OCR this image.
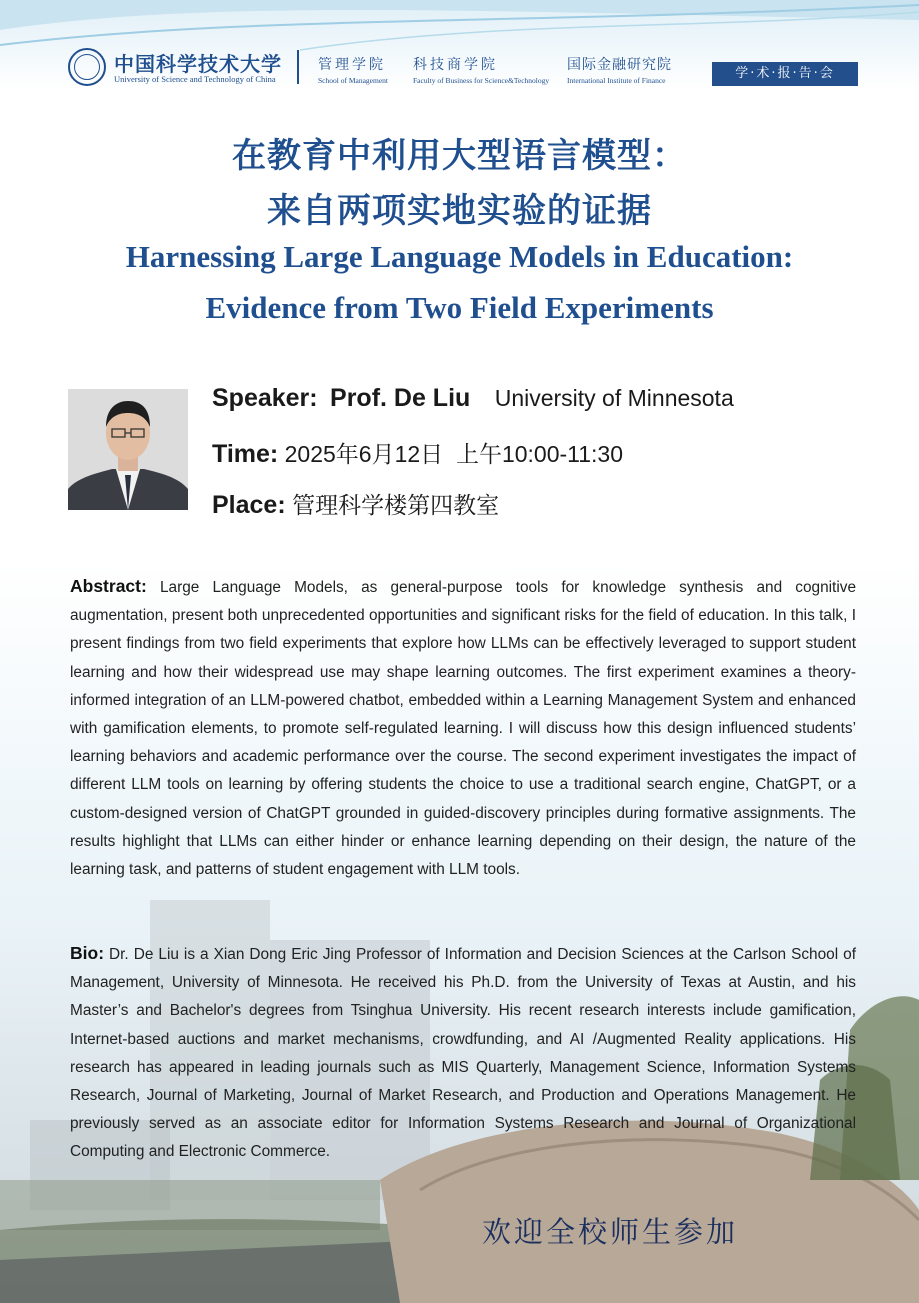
中国科学技术大学
University of Science and Technology of China
管理学院
School of Management
科技商学院
Faculty of Business for Science&Technology
国际金融研究院
International Institute of Finance	学·术·报·告·会
在教育中利用大型语言模型：
来自两项实地实验的证据
Harnessing Large Language Models in Education:
Evidence from Two Field Experiments
Speaker: Prof. De Liu University of Minnesota
Time: 2025年6月12日  上午10:00-11:30
Place: 管理科学楼第四教室
Abstract: Large Language Models, as general-purpose tools for knowledge synthesis and cognitive augmentation, present both unprecedented opportunities and significant risks for the field of education. In this talk, I present findings from two field experiments that explore how LLMs can be effectively leveraged to support student learning and how their widespread use may shape learning outcomes. The first experiment examines a theory-informed integration of an LLM-powered chatbot, embedded within a Learning Management System and enhanced with gamification elements, to promote self-regulated learning. I will discuss how this design influenced students’ learning behaviors and academic performance over the course. The second experiment investigates the impact of different LLM tools on learning by offering students the choice to use a traditional search engine, ChatGPT, or a custom-designed version of ChatGPT grounded in guided-discovery principles during formative assignments. The results highlight that LLMs can either hinder or enhance learning depending on their design, the nature of the learning task, and patterns of student engagement with LLM tools.
Bio: Dr. De Liu is a Xian Dong Eric Jing Professor of Information and Decision Sciences at the Carlson School of Management, University of Minnesota. He received his Ph.D. from the University of Texas at Austin, and his Master’s and Bachelor's degrees from Tsinghua University. His recent research interests include gamification, Internet-based auctions and market mechanisms, crowdfunding, and AI /Augmented Reality applications. His research has appeared in leading journals such as MIS Quarterly, Management Science, Information Systems Research, Journal of Marketing, Journal of Market Research, and Production and Operations Management. He previously served as an associate editor for Information Systems Research and Journal of Organizational Computing and Electronic Commerce.
欢迎全校师生参加
